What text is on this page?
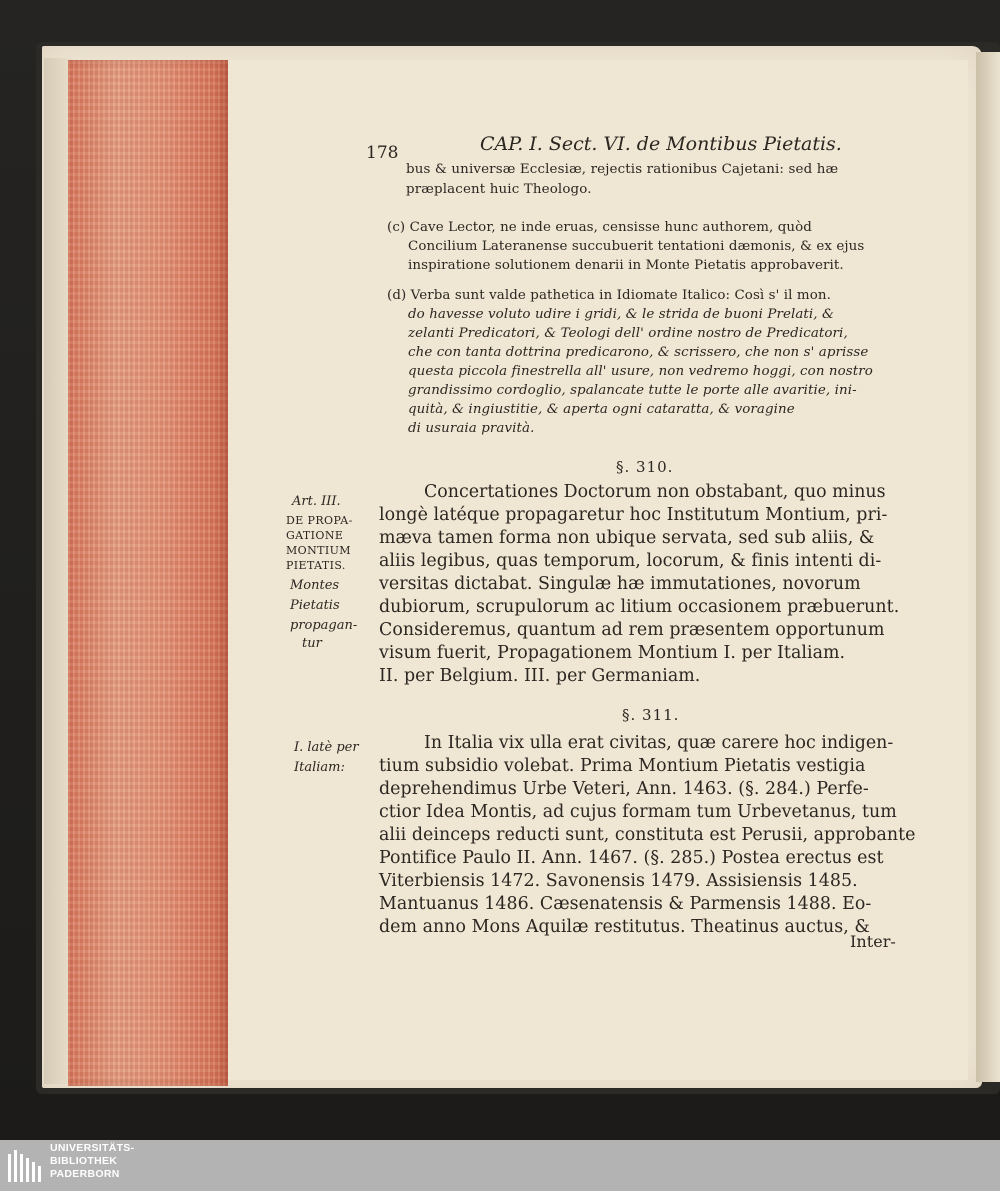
178	CAP. I. Sect. VI. de Montibus Pietatis.
bus & universæ Ecclesiæ, rejectis rationibus Cajetani: sed hæ
præplacent huic Theologo.
(c) Cave Lector, ne inde eruas, censisse hunc authorem, quòd
Concilium Lateranense succubuerit tentationi dæmonis, & ex ejus
inspiratione solutionem denarii in Monte Pietatis approbaverit.
(d) Verba sunt valde pathetica in Idiomate Italico: Così s' il mon.
do havesse voluto udire i gridi, & le strida de buoni Prelati, &
zelanti Predicatori, & Teologi dell' ordine nostro de Predicatori,
che con tanta dottrina predicarono, & scrissero, che non s' aprisse
questa piccola finestrella all' usure, non vedremo hoggi, con nostro
grandissimo cordoglio, spalancate tutte le porte alle avaritie, ini-
quità, & ingiustitie, & aperta ogni cataratta, & voragine
di usuraia pravità.
§. 310.
Concertationes Doctorum non obstabant, quo minus
longè latéque propagaretur hoc Institutum Montium, pri-
mæva tamen forma non ubique servata, sed sub aliis, &
aliis legibus, quas temporum, locorum, & finis intenti di-
versitas dictabat. Singulæ hæ immutationes, novorum
dubiorum, scrupulorum ac litium occasionem præbuerunt.
Consideremus, quantum ad rem præsentem opportunum
visum fuerit, Propagationem Montium I. per Italiam.
II. per Belgium. III. per Germaniam.
Art. III.
DE PROPA-
GATIONE
MONTIUM
PIETATIS.
Montes
Pietatis
propagan-
tur
§. 311.
In Italia vix ulla erat civitas, quæ carere hoc indigen-
tium subsidio volebat. Prima Montium Pietatis vestigia
deprehendimus Urbe Veteri, Ann. 1463. (§. 284.) Perfe-
ctior Idea Montis, ad cujus formam tum Urbevetanus, tum
alii deinceps reducti sunt, constituta est Perusii, approbante
Pontifice Paulo II. Ann. 1467. (§. 285.) Postea erectus est
Viterbiensis 1472. Savonensis 1479. Assisiensis 1485.
Mantuanus 1486. Cæsenatensis & Parmensis 1488. Eo-
dem anno Mons Aquilæ restitutus. Theatinus auctus, &
Inter-
I. latè per
Italiam:
UNIVERSITÄTS-
BIBLIOTHEK
PADERBORN
